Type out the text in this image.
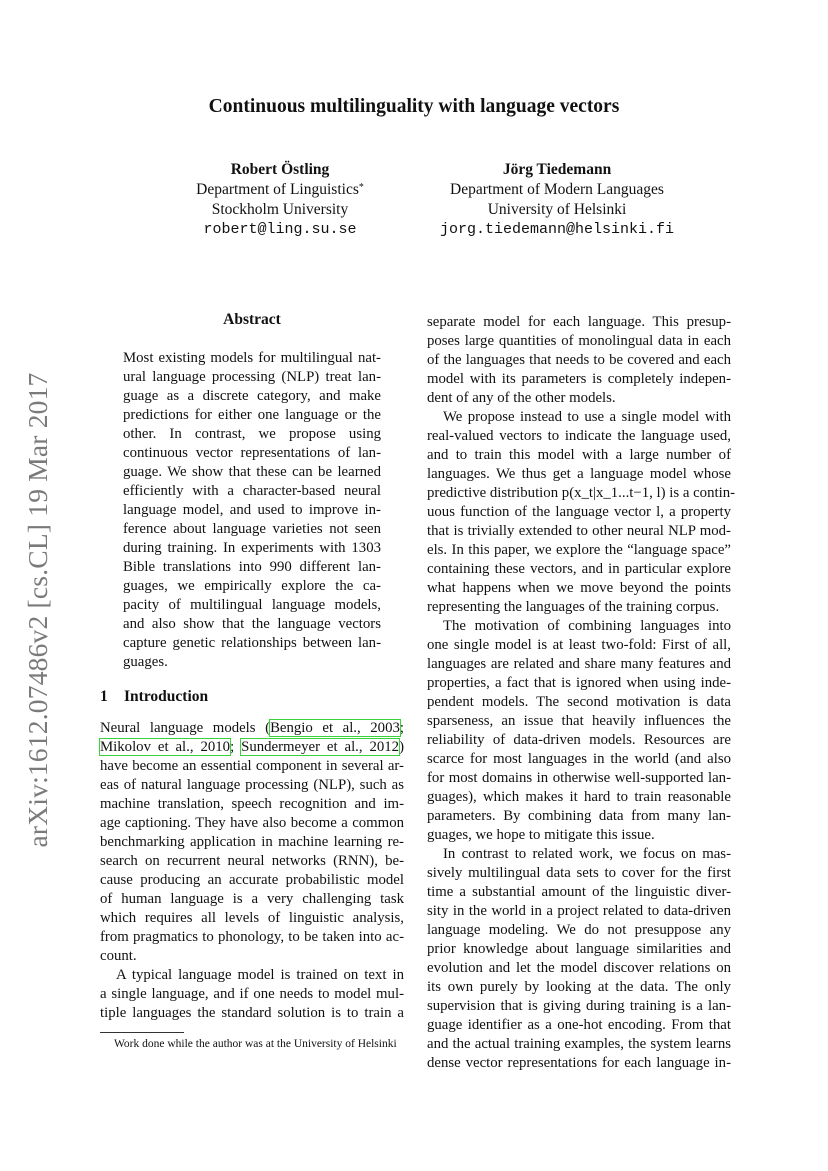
Continuous multilinguality with language vectors
Robert Östling
Department of Linguistics*
Stockholm University
robert@ling.su.se
Jörg Tiedemann
Department of Modern Languages
University of Helsinki
jorg.tiedemann@helsinki.fi
arXiv:1612.07486v2 [cs.CL] 19 Mar 2017
Abstract
Most existing models for multilingual nat-
ural language processing (NLP) treat lan-
guage as a discrete category, and make
predictions for either one language or the
other. In contrast, we propose using
continuous vector representations of lan-
guage. We show that these can be learned
efficiently with a character-based neural
language model, and used to improve in-
ference about language varieties not seen
during training. In experiments with 1303
Bible translations into 990 different lan-
guages, we empirically explore the ca-
pacity of multilingual language models,
and also show that the language vectors
capture genetic relationships between lan-
guages.
1 Introduction
Neural language models (Bengio et al., 2003;
Mikolov et al., 2010; Sundermeyer et al., 2012)
have become an essential component in several ar-
eas of natural language processing (NLP), such as
machine translation, speech recognition and im-
age captioning. They have also become a common
benchmarking application in machine learning re-
search on recurrent neural networks (RNN), be-
cause producing an accurate probabilistic model
of human language is a very challenging task
which requires all levels of linguistic analysis,
from pragmatics to phonology, to be taken into ac-
count.
A typical language model is trained on text in
a single language, and if one needs to model mul-
tiple languages the standard solution is to train a
separate model for each language. This presup-
poses large quantities of monolingual data in each
of the languages that needs to be covered and each
model with its parameters is completely indepen-
dent of any of the other models.
We propose instead to use a single model with
real-valued vectors to indicate the language used,
and to train this model with a large number of
languages. We thus get a language model whose
predictive distribution p(x_t|x_1...t−1, l) is a contin-
uous function of the language vector l, a property
that is trivially extended to other neural NLP mod-
els. In this paper, we explore the “language space”
containing these vectors, and in particular explore
what happens when we move beyond the points
representing the languages of the training corpus.
The motivation of combining languages into
one single model is at least two-fold: First of all,
languages are related and share many features and
properties, a fact that is ignored when using inde-
pendent models. The second motivation is data
sparseness, an issue that heavily influences the
reliability of data-driven models. Resources are
scarce for most languages in the world (and also
for most domains in otherwise well-supported lan-
guages), which makes it hard to train reasonable
parameters. By combining data from many lan-
guages, we hope to mitigate this issue.
In contrast to related work, we focus on mas-
sively multilingual data sets to cover for the first
time a substantial amount of the linguistic diver-
sity in the world in a project related to data-driven
language modeling. We do not presuppose any
prior knowledge about language similarities and
evolution and let the model discover relations on
its own purely by looking at the data. The only
supervision that is giving during training is a lan-
guage identifier as a one-hot encoding. From that
and the actual training examples, the system learns
dense vector representations for each language in-
Work done while the author was at the University of Helsinki
